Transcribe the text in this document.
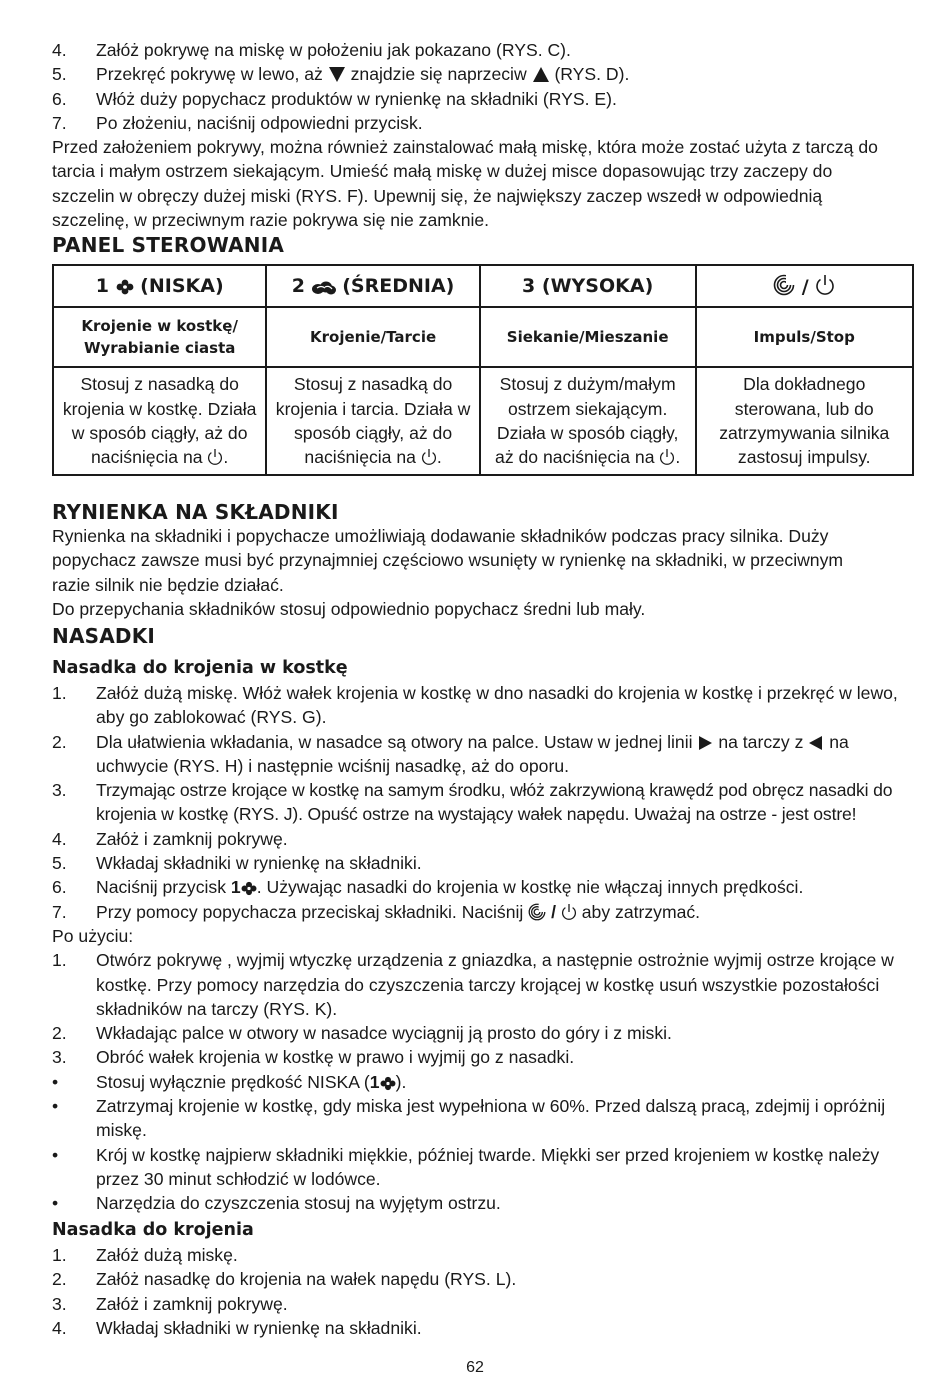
4. Załóż pokrywę na miskę w położeniu jak pokazano (RYS. C).
5. Przekręć pokrywę w lewo, aż znajdzie się naprzeciw (RYS. D).
6. Włóż duży popychacz produktów w rynienkę na składniki (RYS. E).
7. Po złożeniu, naciśnij odpowiedni przycisk.
Przed założeniem pokrywy, można również zainstalować małą miskę, która może zostać użyta z tarczą do
tarcia i małym ostrzem siekającym. Umieść małą miskę w dużej misce dopasowując trzy zaczepy do
szczelin w obręczy dużej miski (RYS. F). Upewnij się, że największy zaczep wszedł w odpowiednią
szczelinę, w przeciwnym razie pokrywa się nie zamknie.
PANEL STEROWANIA
1 (NISKA)	2 (ŚREDNIA)	3 (WYSOKA)	/
Krojenie w kostkę/
Wyrabianie ciasta	Krojenie/Tarcie	Siekanie/Mieszanie	Impuls/Stop
Stosuj z nasadką do krojenia w kostkę. Działa w sposób ciągły, aż do naciśnięcia na .	Stosuj z nasadką do krojenia i tarcia. Działa w sposób ciągły, aż do naciśnięcia na .	Stosuj z dużym/małym ostrzem siekającym. Działa w sposób ciągły, aż do naciśnięcia na .	Dla dokładnego sterowana, lub do zatrzymywania silnika zastosuj impulsy.
RYNIENKA NA SKŁADNIKI
Rynienka na składniki i popychacze umożliwiają dodawanie składników podczas pracy silnika. Duży
popychacz zawsze musi być przynajmniej częściowo wsunięty w rynienkę na składniki, w przeciwnym
razie silnik nie będzie działać.
Do przepychania składników stosuj odpowiednio popychacz średni lub mały.
NASADKI
Nasadka do krojenia w kostkę
1. Załóż dużą miskę. Włóż wałek krojenia w kostkę w dno nasadki do krojenia w kostkę i przekręć w lewo, aby go zablokować (RYS. G).
2. Dla ułatwienia wkładania, w nasadce są otwory na palce. Ustaw w jednej linii na tarczy z na uchwycie (RYS. H) i następnie wciśnij nasadkę, aż do oporu.
3. Trzymając ostrze krojące w kostkę na samym środku, włóż zakrzywioną krawędź pod obręcz nasadki do krojenia w kostkę (RYS. J). Opuść ostrze na wystający wałek napędu. Uważaj na ostrze - jest ostre!
4. Załóż i zamknij pokrywę.
5. Wkładaj składniki w rynienkę na składniki.
6. Naciśnij przycisk 1 . Używając nasadki do krojenia w kostkę nie włączaj innych prędkości.
7. Przy pomocy popychacza przeciskaj składniki. Naciśnij / aby zatrzymać.
Po użyciu:
1. Otwórz pokrywę , wyjmij wtyczkę urządzenia z gniazdka, a następnie ostrożnie wyjmij ostrze krojące w kostkę. Przy pomocy narzędzia do czyszczenia tarczy krojącej w kostkę usuń wszystkie pozostałości składników na tarczy (RYS. K).
2. Wkładając palce w otwory w nasadce wyciągnij ją prosto do góry i z miski.
3. Obróć wałek krojenia w kostkę w prawo i wyjmij go z nasadki.
• Stosuj wyłącznie prędkość NISKA (1 ).
• Zatrzymaj krojenie w kostkę, gdy miska jest wypełniona w 60%. Przed dalszą pracą, zdejmij i opróżnij miskę.
• Krój w kostkę najpierw składniki miękkie, później twarde. Miękki ser przed krojeniem w kostkę należy przez 30 minut schłodzić w lodówce.
• Narzędzia do czyszczenia stosuj na wyjętym ostrzu.
Nasadka do krojenia
1. Załóż dużą miskę.
2. Załóż nasadkę do krojenia na wałek napędu (RYS. L).
3. Załóż i zamknij pokrywę.
4. Wkładaj składniki w rynienkę na składniki.
62
